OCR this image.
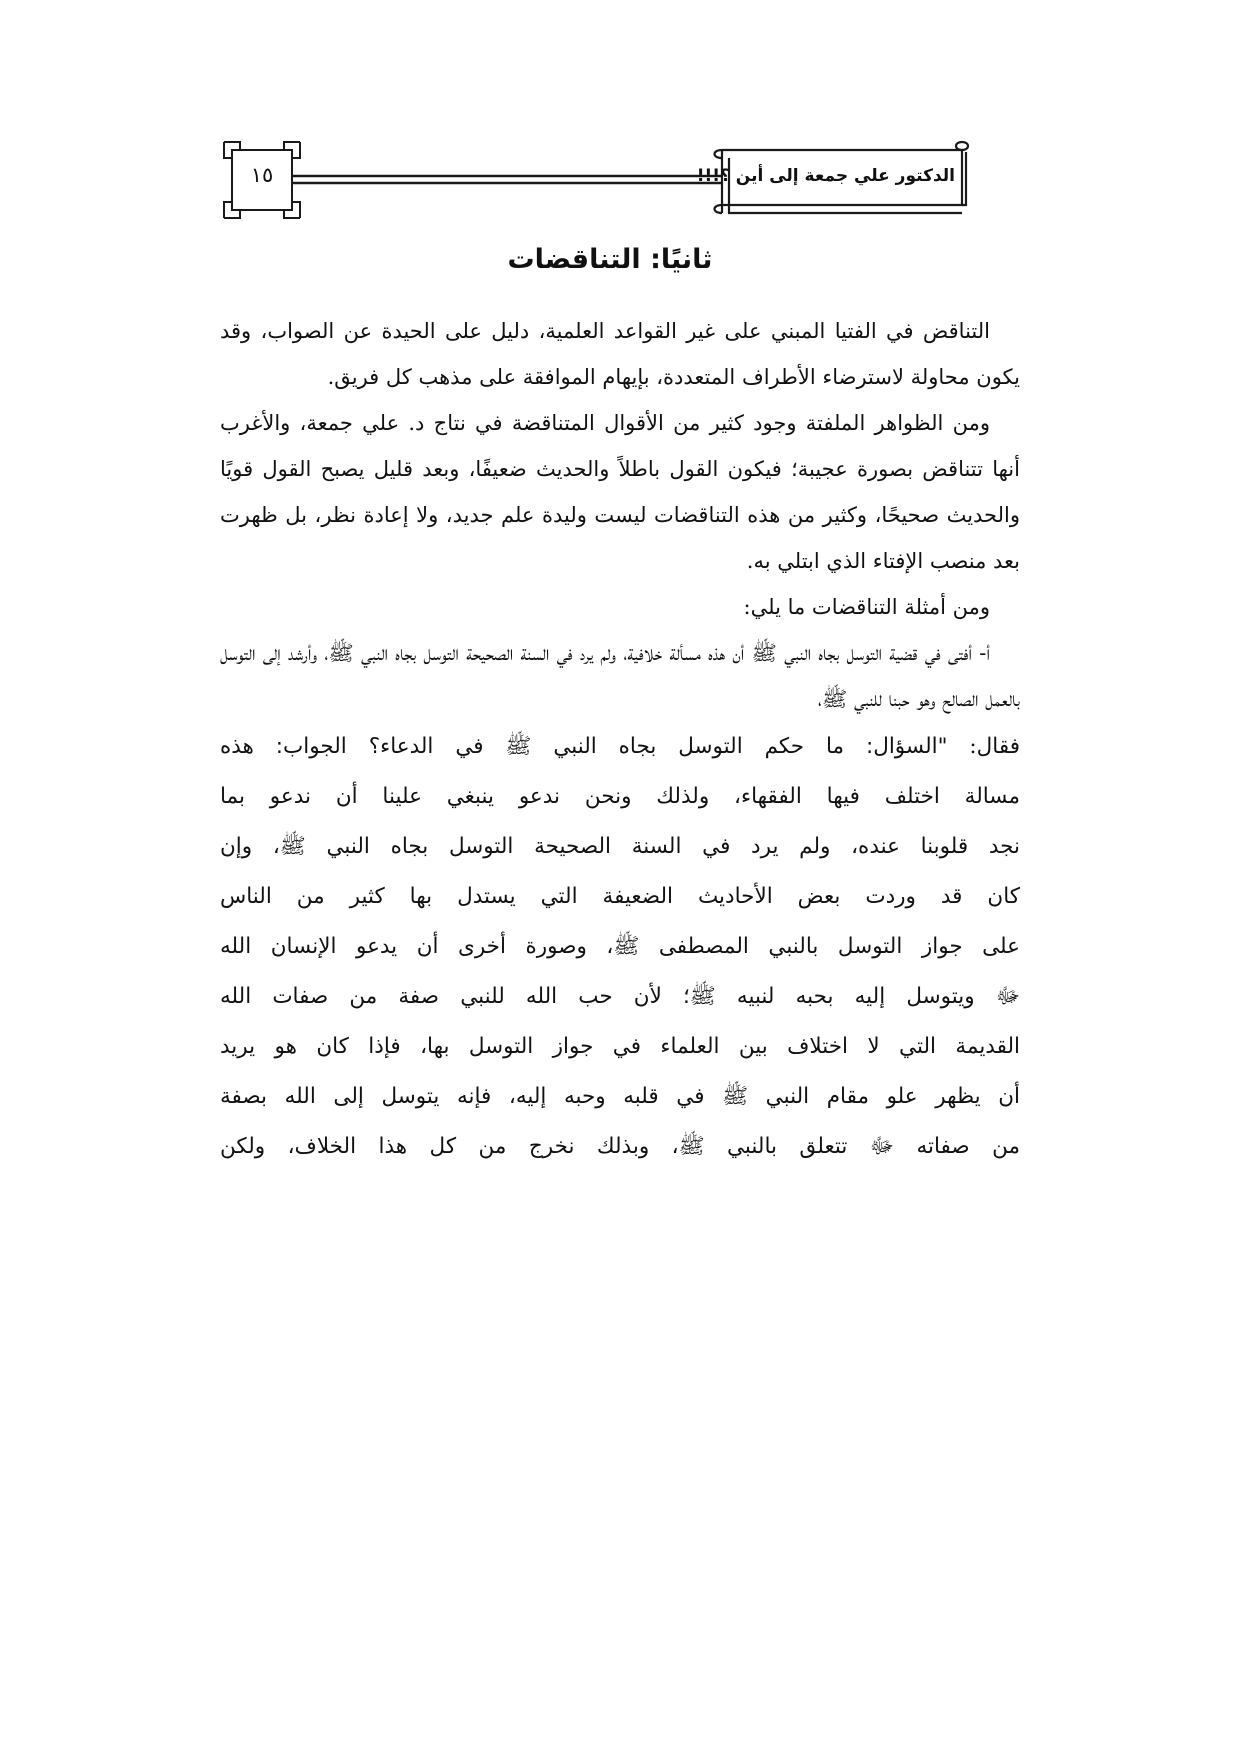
الدكتور علي جمعة إلى أين ؟!!!
١٥
ثانيًا: التناقضات

التناقض في الفتيا المبني على غير القواعد العلمية، دليل على الحيدة عن الصواب، وقد يكون محاولة لاسترضاء الأطراف المتعددة، بإيهام الموافقة على مذهب كل فريق.

ومن الظواهر الملفتة وجود كثير من الأقوال المتناقضة في نتاج د. علي جمعة، والأغرب أنها تتناقض بصورة عجيبة؛ فيكون القول باطلاً والحديث ضعيفًا، وبعد قليل يصبح القول قويًا والحديث صحيحًا، وكثير من هذه التناقضات ليست وليدة علم جديد، ولا إعادة نظر، بل ظهرت بعد منصب الإفتاء الذي ابتلي به.

ومن أمثلة التناقضات ما يلي:

أ- أفتى في قضية التوسل بجاه النبي ﷺ أن هذه مسألة خلافية، ولم يرد في السنة الصحيحة التوسل بجاه النبي ﷺ، وأرشد إلى التوسل بالعمل الصالح وهو حبنا للنبي ﷺ،

فقال: "السؤال: ما حكم التوسل بجاه النبي ﷺ في الدعاء؟ الجواب: هذه

مسالة اختلف فيها الفقهاء، ولذلك ونحن ندعو ينبغي علينا أن ندعو بما

نجد قلوبنا عنده، ولم يرد في السنة الصحيحة التوسل بجاه النبي ﷺ، وإن

كان قد وردت بعض الأحاديث الضعيفة التي يستدل بها كثير من الناس

على جواز التوسل بالنبي المصطفى ﷺ، وصورة أخرى أن يدعو الإنسان الله

ﷻ ويتوسل إليه بحبه لنبيه ﷺ؛ لأن حب الله للنبي صفة من صفات الله

القديمة التي لا اختلاف بين العلماء في جواز التوسل بها، فإذا كان هو يريد

أن يظهر علو مقام النبي ﷺ في قلبه وحبه إليه، فإنه يتوسل إلى الله بصفة

من صفاته ﷻ تتعلق بالنبي ﷺ، وبذلك نخرج من كل هذا الخلاف، ولكن
